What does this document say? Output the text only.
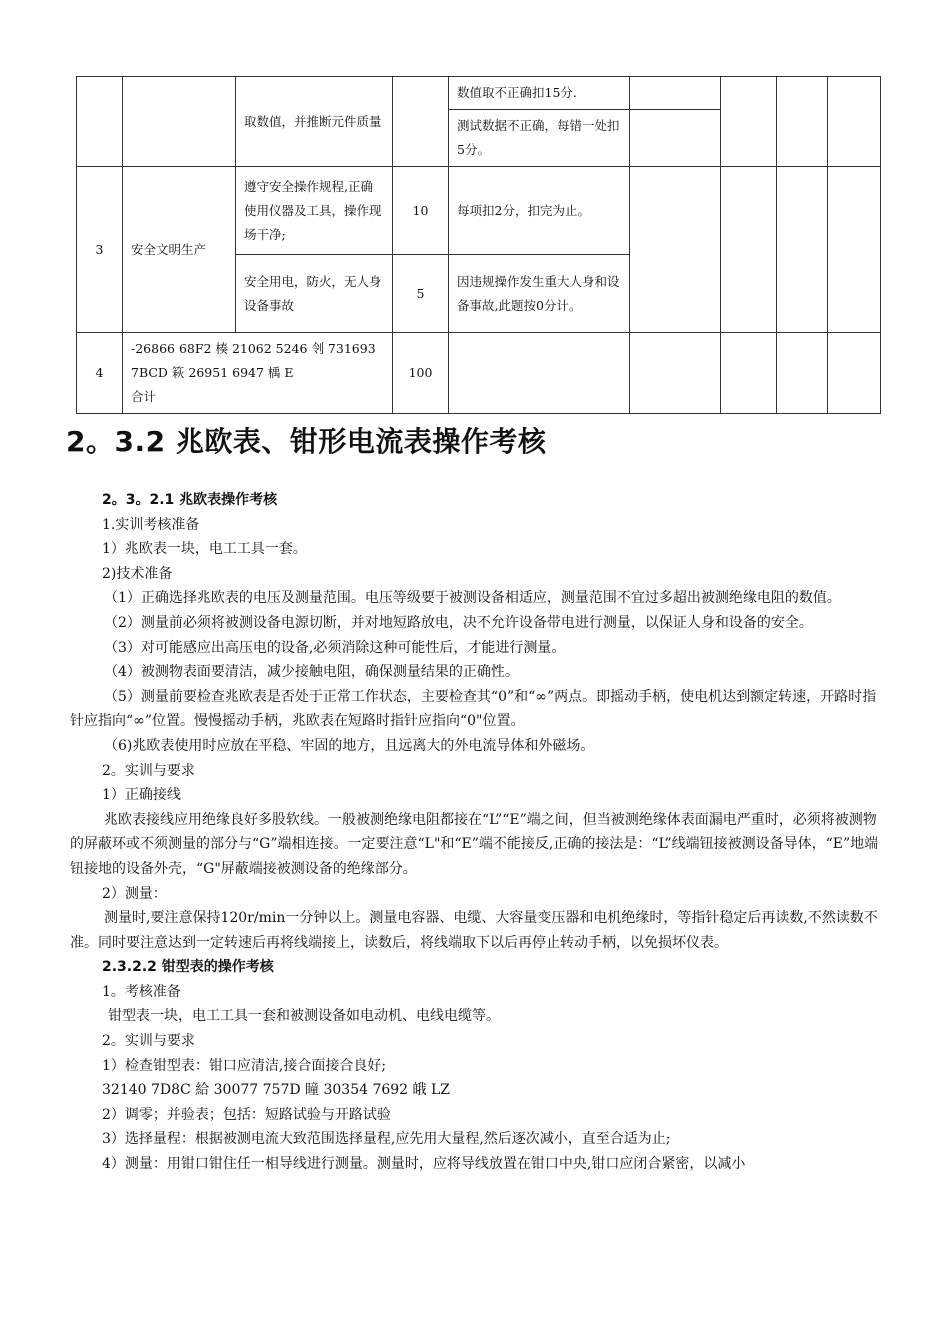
		取数值，并推断元件质量		数值取不正确扣15分.				
				测试数据不正确，每错一处扣5分。				
3	安全文明生产	遵守安全操作规程,正确使用仪器及工具，操作现场干净;	10	每项扣2分，扣完为止。				
		安全用电，防火，无人身设备事故	5	因违规操作发生重大人身和设备事故,此题按0分计。				
4	-26866 68F2 楱 21062 5246 刢 731693
7BCD 篍 26951 6947 楀 E
合计		100					
2。3.2 兆欧表、钳形电流表操作考核

2。3。2.1 兆欧表操作考核

1.实训考核准备

1）兆欧表一块，电工工具一套。

2)技术准备

（1）正确选择兆欧表的电压及测量范围。电压等级要于被测设备相适应，测量范围不宜过多超出被测绝缘电阻的数值。

（2）测量前必须将被测设备电源切断，并对地短路放电，决不允许设备带电进行测量，以保证人身和设备的安全。

（3）对可能感应出高压电的设备,必须消除这种可能性后，才能进行测量。

（4）被测物表面要清洁，减少接触电阻，确保测量结果的正确性。

（5）测量前要检查兆欧表是否处于正常工作状态，主要检查其“0”和“∞”两点。即摇动手柄，使电机达到额定转速，开路时指针应指向“∞”位置。慢慢摇动手柄，兆欧表在短路时指针应指向“0"位置。

（6)兆欧表使用时应放在平稳、牢固的地方，且远离大的外电流导体和外磁场。

2。实训与要求

1）正确接线

兆欧表接线应用绝缘良好多股软线。一般被测绝缘电阻都接在“L”“E”端之间，但当被测绝缘体表面漏电严重时，必须将被测物的屏蔽环或不须测量的部分与“G”端相连接。一定要注意“L"和“E”端不能接反,正确的接法是：“L”线端钮接被测设备导体，“E”地端钮接地的设备外壳，“G"屏蔽端接被测设备的绝缘部分。

2）测量：

测量时,要注意保持120r/min一分钟以上。测量电容器、电缆、大容量变压器和电机绝缘时，等指针稳定后再读数,不然读数不准。同时要注意达到一定转速后再将线端接上，读数后，将线端取下以后再停止转动手柄，以免损坏仪表。

2.3.2.2 钳型表的操作考核

1。考核准备

钳型表一块，电工工具一套和被测设备如电动机、电线电缆等。

2。实训与要求

1）检查钳型表：钳口应清洁,接合面接合良好;

32140 7D8C 給 30077 757D 瞳 30354 7692 皒 LZ

2）调零；并验表；包括：短路试验与开路试验

3）选择量程：根据被测电流大致范围选择量程,应先用大量程,然后逐次减小，直至合适为止;

4）测量：用钳口钳住任一相导线进行测量。测量时，应将导线放置在钳口中央,钳口应闭合紧密，以减小
